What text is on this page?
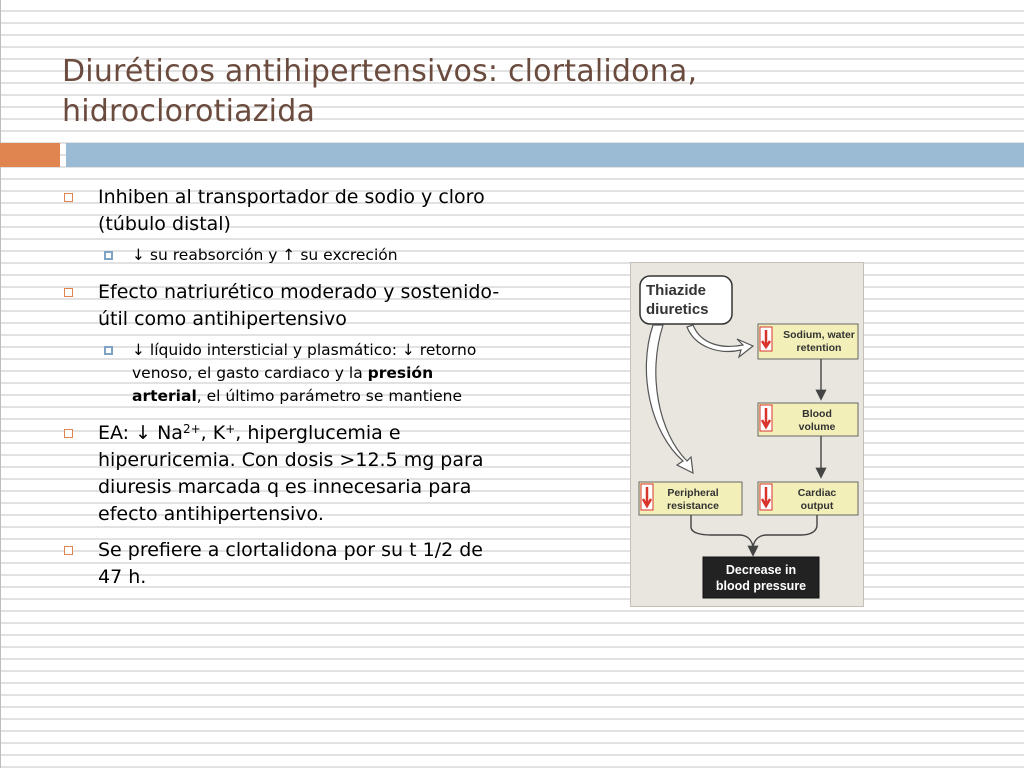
Diuréticos antihipertensivos: clortalidona,
hidroclorotiazida
Inhiben al transportador de sodio y cloro (túbulo distal)
↓ su reabsorción y ↑ su excreción
Efecto natriurético moderado y sostenido-útil como antihipertensivo
↓ líquido intersticial y plasmático: ↓ retorno venoso, el gasto cardiaco y la presión arterial, el último parámetro se mantiene
EA: ↓ $Na^{2+}$, K+, hiperglucemia e hiperuricemia. Con dosis >12.5 mg para diuresis marcada q es innecesaria para efecto antihipertensivo.
Se prefiere a clortalidona por su t 1/2 de 47 h.
Thiazide
diuretics
Sodium, water
retention
Blood
volume
Peripheral
resistance
Cardiac
output
Decrease in
blood pressure
